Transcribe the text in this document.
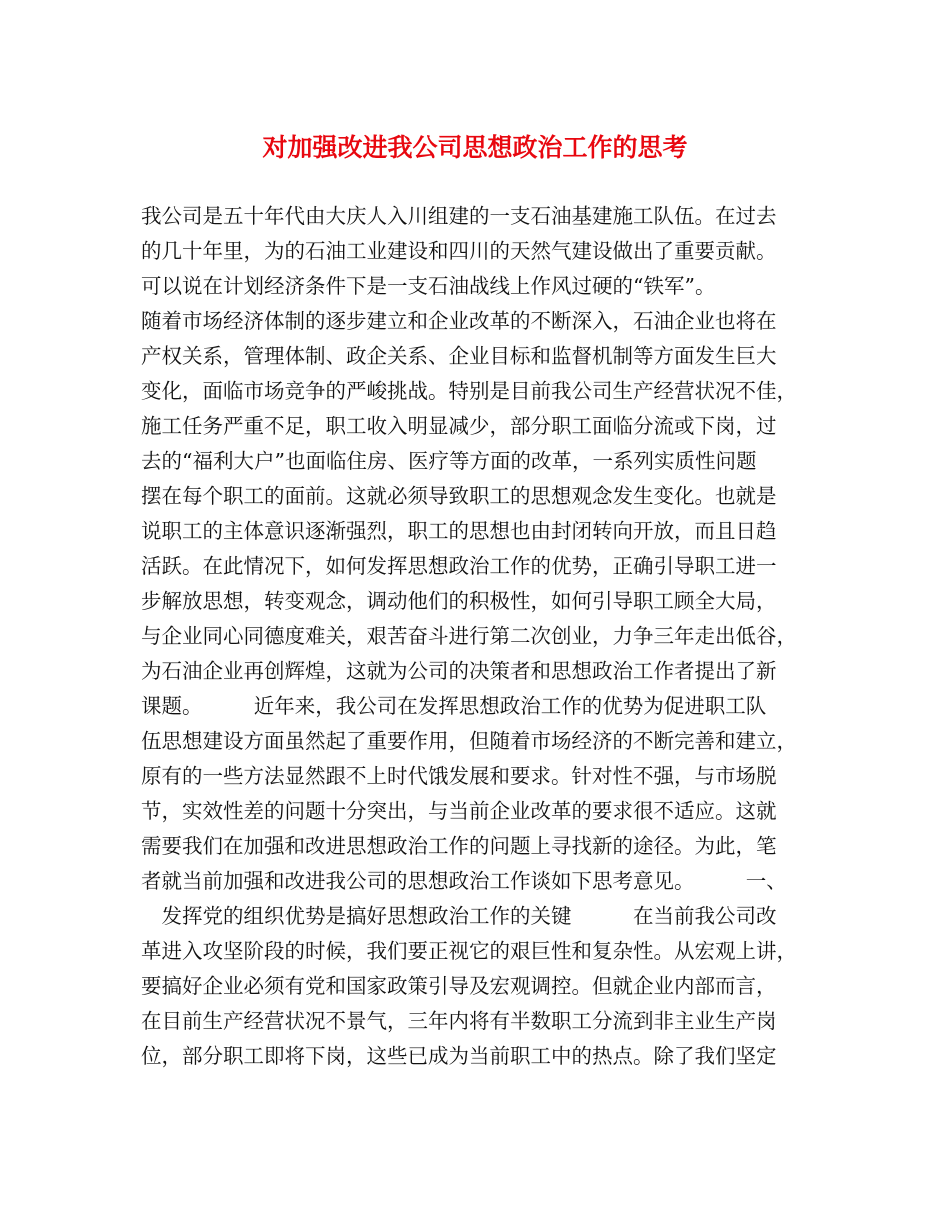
对加强改进我公司思想政治工作的思考
我公司是五十年代由大庆人入川组建的一支石油基建施工队伍。在过去
的几十年里，为的石油工业建设和四川的天然气建设做出了重要贡献。
可以说在计划经济条件下是一支石油战线上作风过硬的“铁军”。
随着市场经济体制的逐步建立和企业改革的不断深入，石油企业也将在
产权关系，管理体制、政企关系、企业目标和监督机制等方面发生巨大
变化，面临市场竞争的严峻挑战。特别是目前我公司生产经营状况不佳，
施工任务严重不足，职工收入明显减少，部分职工面临分流或下岗，过
去的“福利大户”也面临住房、医疗等方面的改革，一系列实质性问题
摆在每个职工的面前。这就必须导致职工的思想观念发生变化。也就是
说职工的主体意识逐渐强烈，职工的思想也由封闭转向开放，而且日趋
活跃。在此情况下，如何发挥思想政治工作的优势，正确引导职工进一
步解放思想，转变观念，调动他们的积极性，如何引导职工顾全大局，
与企业同心同德度难关，艰苦奋斗进行第二次创业，力争三年走出低谷，
为石油企业再创辉煌，这就为公司的决策者和思想政治工作者提出了新
课题。　　　近年来，我公司在发挥思想政治工作的优势为促进职工队
伍思想建设方面虽然起了重要作用，但随着市场经济的不断完善和建立，
原有的一些方法显然跟不上时代饿发展和要求。针对性不强，与市场脱
节，实效性差的问题十分突出，与当前企业改革的要求很不适应。这就
需要我们在加强和改进思想政治工作的问题上寻找新的途径。为此，笔
者就当前加强和改进我公司的思想政治工作谈如下思考意见。　　　一、
　发挥党的组织优势是搞好思想政治工作的关键　　　在当前我公司改
革进入攻坚阶段的时候，我们要正视它的艰巨性和复杂性。从宏观上讲，
要搞好企业必须有党和国家政策引导及宏观调控。但就企业内部而言，
在目前生产经营状况不景气，三年内将有半数职工分流到非主业生产岗
位，部分职工即将下岗，这些已成为当前职工中的热点。除了我们坚定
